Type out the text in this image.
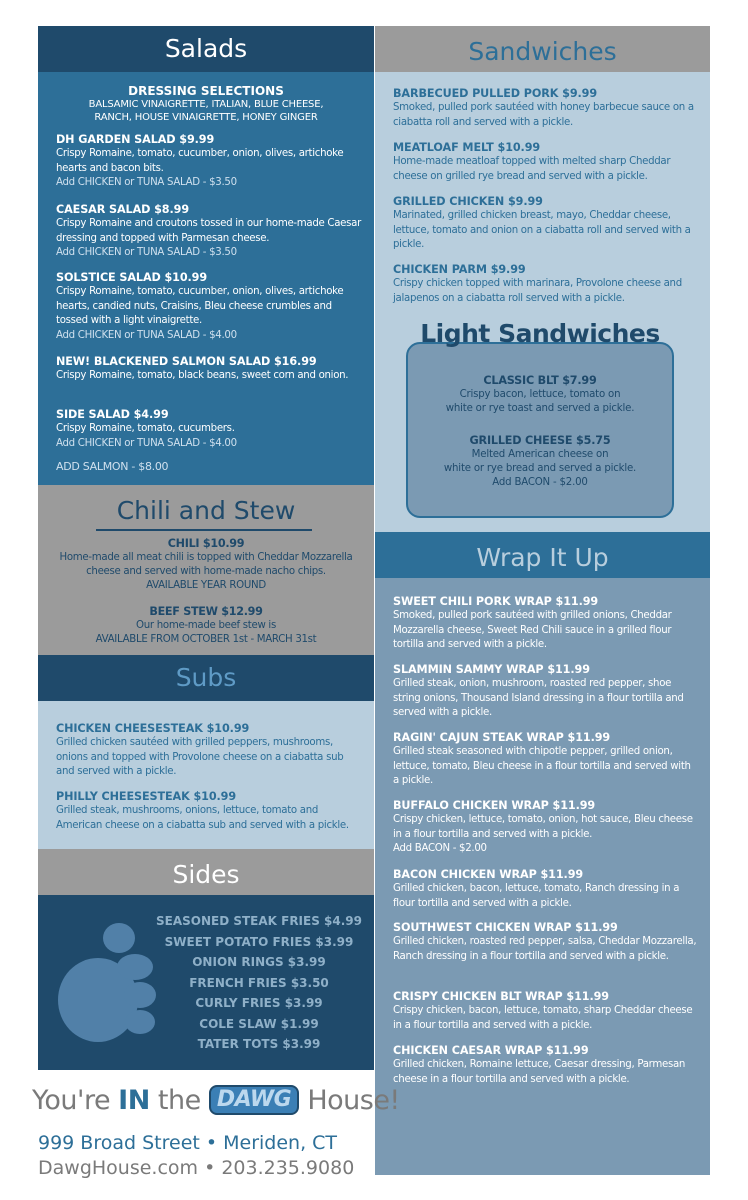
Salads
DRESSING SELECTIONS
BALSAMIC VINAIGRETTE, ITALIAN, BLUE CHEESE,
RANCH, HOUSE VINAIGRETTE, HONEY GINGER
DH GARDEN SALAD $9.99
Crispy Romaine, tomato, cucumber, onion, olives, artichoke hearts and bacon bits.
Add CHICKEN or TUNA SALAD - $3.50
CAESAR SALAD $8.99
Crispy Romaine and croutons tossed in our home-made Caesar dressing and topped with Parmesan cheese.
Add CHICKEN or TUNA SALAD - $3.50
SOLSTICE SALAD $10.99
Crispy Romaine, tomato, cucumber, onion, olives, artichoke hearts, candied nuts, Craisins, Bleu cheese crumbles and tossed with a light vinaigrette.
Add CHICKEN or TUNA SALAD - $4.00
NEW! BLACKENED SALMON SALAD $16.99
Crispy Romaine, tomato, black beans, sweet corn and onion.
SIDE SALAD $4.99
Crispy Romaine, tomato, cucumbers.
Add CHICKEN or TUNA SALAD - $4.00
ADD SALMON - $8.00
Chili and Stew
CHILI $10.99
Home-made all meat chili is topped with Cheddar Mozzarella cheese and served with home-made nacho chips.
AVAILABLE YEAR ROUND
BEEF STEW $12.99
Our home-made beef stew is
AVAILABLE FROM OCTOBER 1st - MARCH 31st
Subs
CHICKEN CHEESESTEAK $10.99
Grilled chicken sautéed with grilled peppers, mushrooms, onions and topped with Provolone cheese on a ciabatta sub and served with a pickle.
PHILLY CHEESESTEAK $10.99
Grilled steak, mushrooms, onions, lettuce, tomato and American cheese on a ciabatta sub and served with a pickle.
Sides
SEASONED STEAK FRIES $4.99
SWEET POTATO FRIES $3.99
ONION RINGS $3.99
FRENCH FRIES $3.50
CURLY FRIES $3.99
COLE SLAW $1.99
TATER TOTS $3.99
Sandwiches
BARBECUED PULLED PORK $9.99
Smoked, pulled pork sautéed with honey barbecue sauce on a ciabatta roll and served with a pickle.
MEATLOAF MELT $10.99
Home-made meatloaf topped with melted sharp Cheddar cheese on grilled rye bread and served with a pickle.
GRILLED CHICKEN $9.99
Marinated, grilled chicken breast, mayo, Cheddar cheese, lettuce, tomato and onion on a ciabatta roll and served with a pickle.
CHICKEN PARM $9.99
Crispy chicken topped with marinara, Provolone cheese and jalapenos on a ciabatta roll served with a pickle.
CLASSIC BLT $7.99
Crispy bacon, lettuce, tomato on
white or rye toast and served a pickle.
GRILLED CHEESE $5.75
Melted American cheese on
white or rye bread and served a pickle.
Add BACON - $2.00
Light Sandwiches
Wrap It Up
SWEET CHILI PORK WRAP $11.99
Smoked, pulled pork sautéed with grilled onions, Cheddar Mozzarella cheese, Sweet Red Chili sauce in a grilled flour tortilla and served with a pickle.
SLAMMIN SAMMY WRAP $11.99
Grilled steak, onion, mushroom, roasted red pepper, shoe string onions, Thousand Island dressing in a flour tortilla and served with a pickle.
RAGIN' CAJUN STEAK WRAP $11.99
Grilled steak seasoned with chipotle pepper, grilled onion, lettuce, tomato, Bleu cheese in a flour tortilla and served with a pickle.
BUFFALO CHICKEN WRAP $11.99
Crispy chicken, lettuce, tomato, onion, hot sauce, Bleu cheese in a flour tortilla and served with a pickle.
Add BACON - $2.00
BACON CHICKEN WRAP $11.99
Grilled chicken, bacon, lettuce, tomato, Ranch dressing in a flour tortilla and served with a pickle.
SOUTHWEST CHICKEN WRAP $11.99
Grilled chicken, roasted red pepper, salsa, Cheddar Mozzarella, Ranch dressing in a flour tortilla and served with a pickle.
CRISPY CHICKEN BLT WRAP $11.99
Crispy chicken, bacon, lettuce, tomato, sharp Cheddar cheese in a flour tortilla and served with a pickle.
CHICKEN CAESAR WRAP $11.99
Grilled chicken, Romaine lettuce, Caesar dressing, Parmesan cheese in a flour tortilla and served with a pickle.
You're IN the DAWG House!
999 Broad Street • Meriden, CT
DawgHouse.com • 203.235.9080
